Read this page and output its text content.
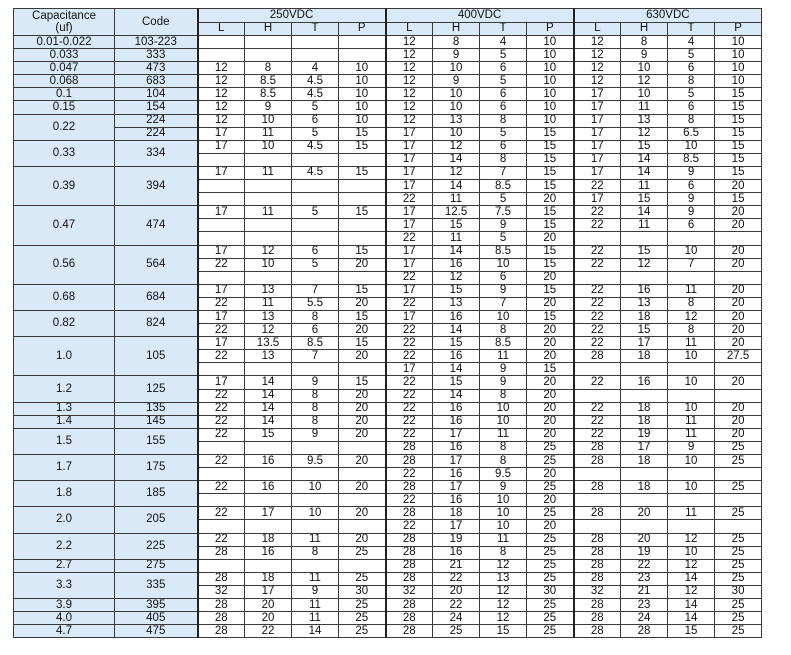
Capacitance
(uf)	Code	250VDC				400VDC				630VDC			
		L	H	T	P	L	H	T	P	L	H	T	P
0.01-0.022	103-223					12	8	4	10	12	8	4	10
0.033	333					12	9	5	10	12	9	5	10
0.047	473	12	8	4	10	12	10	6	10	12	10	6	10
0.068	683	12	8.5	4.5	10	12	9	5	10	12	12	8	10
0.1	104	12	8.5	4.5	10	12	10	6	10	17	10	5	15
0.15	154	12	9	5	10	12	10	6	10	17	11	6	15
0.22	224	12	10	6	10	12	13	8	10	17	13	8	15
	224	17	11	5	15	17	10	5	15	17	12	6.5	15
0.33	334	17	10	4.5	15	17	12	6	15	17	15	10	15
						17	14	8	15	17	14	8.5	15
0.39	394	17	11	4.5	15	17	12	7	15	17	14	9	15
						17	14	8.5	15	22	11	6	20
						22	11	5	20	17	15	9	15
0.47	474	17	11	5	15	17	12.5	7.5	15	22	14	9	20
						17	15	9	15	22	11	6	20
						22	11	5	20				
0.56	564	17	12	6	15	17	14	8.5	15	22	15	10	20
		22	10	5	20	17	16	10	15	22	12	7	20
						22	12	6	20				
0.68	684	17	13	7	15	17	15	9	15	22	16	11	20
		22	11	5.5	20	22	13	7	20	22	13	8	20
0.82	824	17	13	8	15	17	16	10	15	22	18	12	20
		22	12	6	20	22	14	8	20	22	15	8	20
1.0	105	17	13.5	8.5	15	22	15	8.5	20	22	17	11	20
		22	13	7	20	22	16	11	20	28	18	10	27.5
						17	14	9	15				
1.2	125	17	14	9	15	22	15	9	20	22	16	10	20
		22	14	8	20	22	14	8	20				
1.3	135	22	14	8	20	22	16	10	20	22	18	10	20
1.4	145	22	14	8	20	22	16	10	20	22	18	11	20
1.5	155	22	15	9	20	22	17	11	20	22	19	11	20
						28	16	8	25	28	17	9	25
1.7	175	22	16	9.5	20	28	17	8	25	28	18	10	25
						22	16	9.5	20				
1.8	185	22	16	10	20	28	17	9	25	28	18	10	25
						22	16	10	20				
2.0	205	22	17	10	20	28	18	10	25	28	20	11	25
						22	17	10	20				
2.2	225	22	18	11	20	28	19	11	25	28	20	12	25
		28	16	8	25	28	16	8	25	28	19	10	25
2.7	275					28	21	12	25	28	22	12	25
3.3	335	28	18	11	25	28	22	13	25	28	23	14	25
		32	17	9	30	32	20	12	30	32	21	12	30
3.9	395	28	20	11	25	28	22	12	25	28	23	14	25
4.0	405	28	20	11	25	28	24	12	25	28	24	14	25
4.7	475	28	22	14	25	28	25	15	25	28	28	15	25
